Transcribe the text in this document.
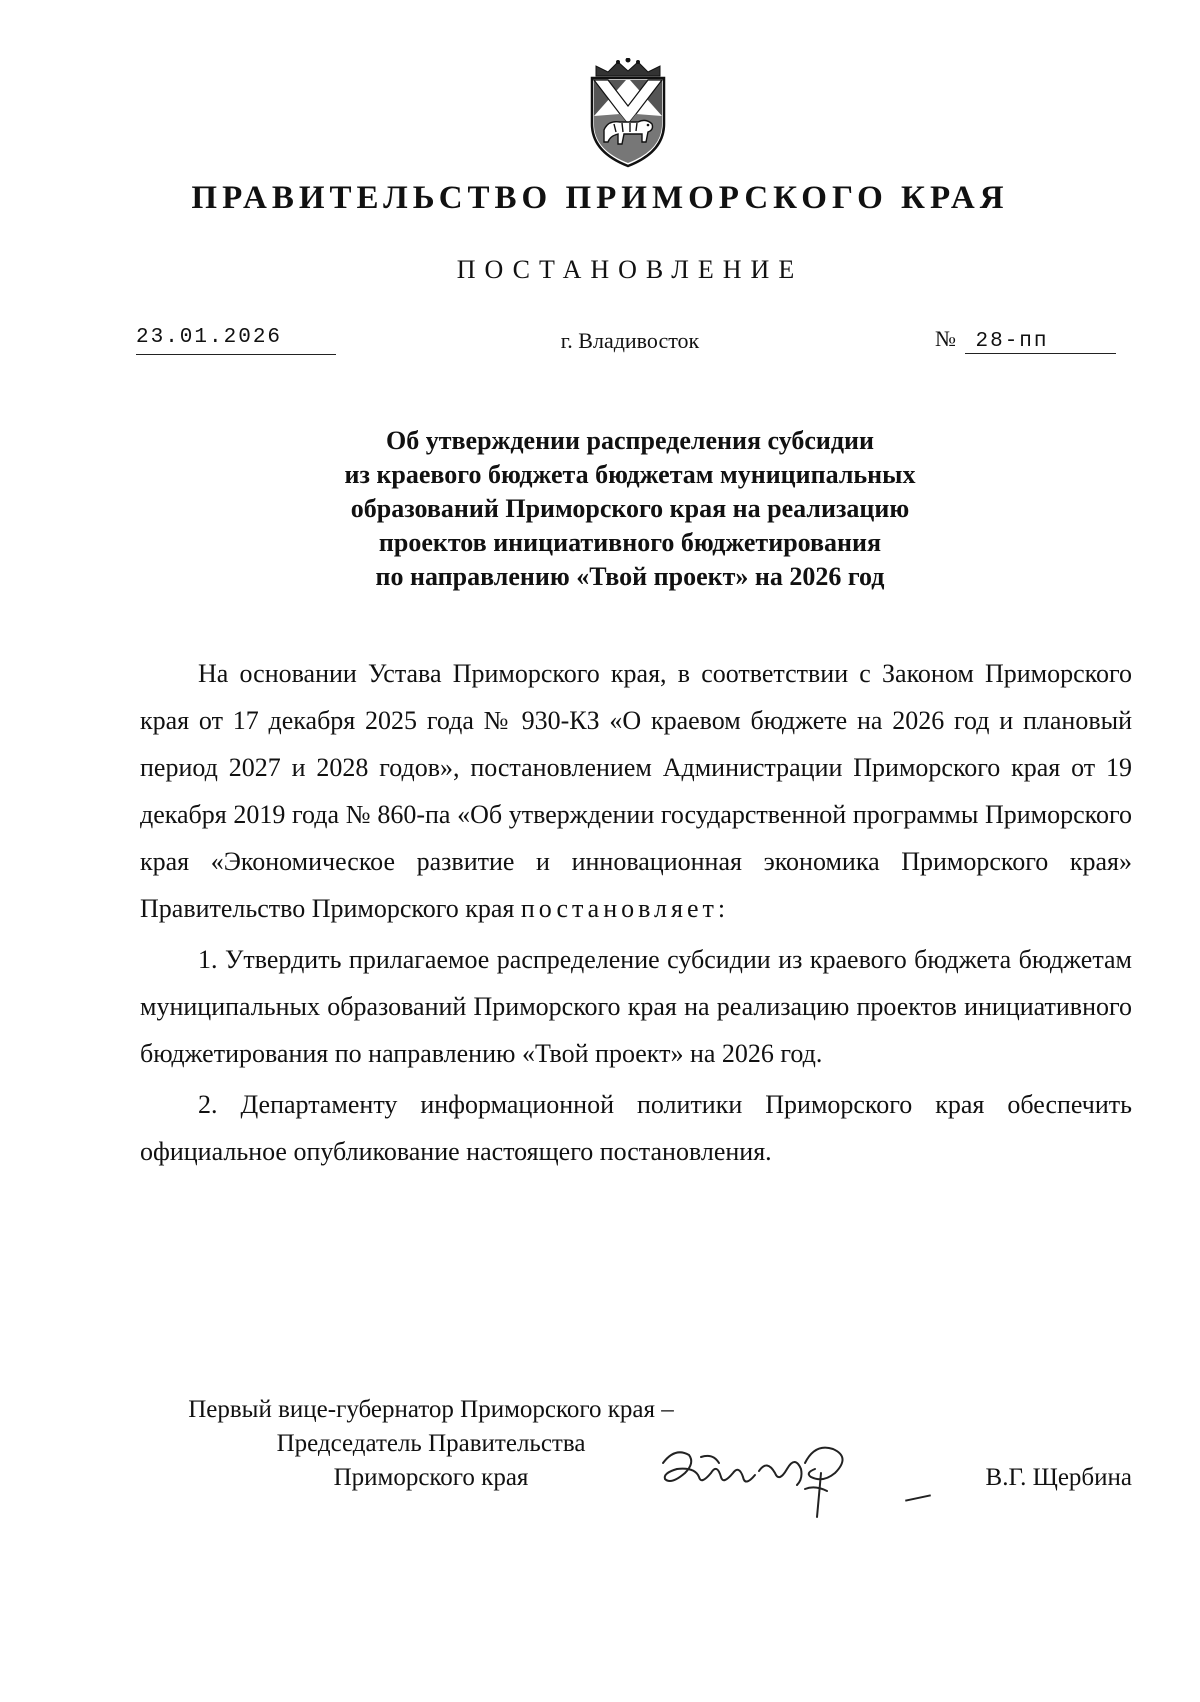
ПРАВИТЕЛЬСТВО ПРИМОРСКОГО КРАЯ
ПОСТАНОВЛЕНИЕ
23.01.2026	г. Владивосток	№ 28-пп
Об утверждении распределения субсидии
из краевого бюджета бюджетам муниципальных
образований Приморского края на реализацию
проектов инициативного бюджетирования
по направлению «Твой проект» на 2026 год

На основании Устава Приморского края, в соответствии с Законом Приморского края от 17 декабря 2025 года № 930-КЗ «О краевом бюджете на 2026 год и плановый период 2027 и 2028 годов», постановлением Администрации Приморского края от 19 декабря 2019 года № 860-па «Об утверждении государственной программы Приморского края «Экономическое развитие и инновационная экономика Приморского края» Правительство Приморского края постановляет:

1. Утвердить прилагаемое распределение субсидии из краевого бюджета бюджетам муниципальных образований Приморского края на реализацию проектов инициативного бюджетирования по направлению «Твой проект» на 2026 год.

2. Департаменту информационной политики Приморского края обеспечить официальное опубликование настоящего постановления.

Первый вице-губернатор Приморского края –
Председатель Правительства
Приморского края	В.Г. Щербина
